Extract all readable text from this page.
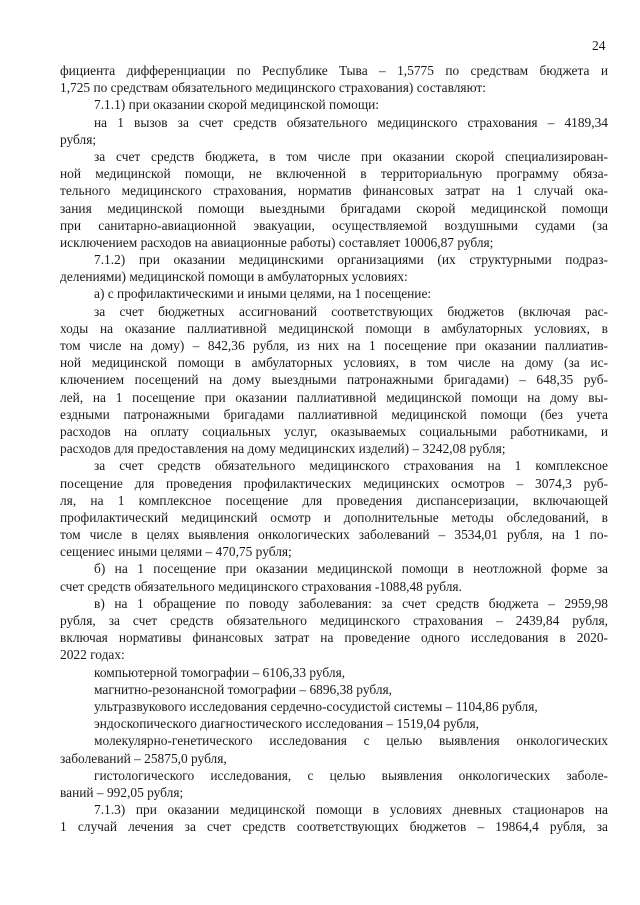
24
фициента дифференциации по Республике Тыва – 1,5775 по средствам бюджета и
1,725 по средствам обязательного медицинского страхования) составляют:
7.1.1) при оказании скорой медицинской помощи:
на 1 вызов за счет средств обязательного медицинского страхования – 4189,34
рубля;
за счет средств бюджета, в том числе при оказании скорой специализирован-
ной медицинской помощи, не включенной в территориальную программу обяза-
тельного медицинского страхования, норматив финансовых затрат на 1 случай ока-
зания медицинской помощи выездными бригадами скорой медицинской помощи
при санитарно-авиационной эвакуации, осуществляемой воздушными судами (за
исключением расходов на авиационные работы) составляет 10006,87 рубля;
7.1.2) при оказании медицинскими организациями (их структурными подраз-
делениями) медицинской помощи в амбулаторных условиях:
а) с профилактическими и иными целями, на 1 посещение:
за счет бюджетных ассигнований соответствующих бюджетов (включая рас-
ходы на оказание паллиативной медицинской помощи в амбулаторных условиях, в
том числе на дому) – 842,36 рубля, из них на 1 посещение при оказании паллиатив-
ной медицинской помощи в амбулаторных условиях, в том числе на дому (за ис-
ключением посещений на дому выездными патронажными бригадами) – 648,35 руб-
лей, на 1 посещение при оказании паллиативной медицинской помощи на дому вы-
ездными патронажными бригадами паллиативной медицинской помощи (без учета
расходов на оплату социальных услуг, оказываемых социальными работниками, и
расходов для предоставления на дому медицинских изделий) – 3242,08 рубля;
за счет средств обязательного медицинского страхования на 1 комплексное
посещение для проведения профилактических медицинских осмотров – 3074,3 руб-
ля, на 1 комплексное посещение для проведения диспансеризации, включающей
профилактический медицинский осмотр и дополнительные методы обследований, в
том числе в целях выявления онкологических заболеваний – 3534,01 рубля, на 1 по-
сещениес иными целями – 470,75 рубля;
б) на 1 посещение при оказании медицинской помощи в неотложной форме за
счет средств обязательного медицинского страхования -1088,48 рубля.
в) на 1 обращение по поводу заболевания: за счет средств бюджета – 2959,98
рубля, за счет средств обязательного медицинского страхования – 2439,84 рубля,
включая нормативы финансовых затрат на проведение одного исследования в 2020-
2022 годах:
компьютерной томографии – 6106,33 рубля,
магнитно-резонансной томографии – 6896,38 рубля,
ультразвукового исследования сердечно-сосудистой системы – 1104,86 рубля,
эндоскопического диагностического исследования – 1519,04 рубля,
молекулярно-генетического исследования с целью выявления онкологических
заболеваний – 25875,0 рубля,
гистологического исследования, с целью выявления онкологических заболе-
ваний – 992,05 рубля;
7.1.3) при оказании медицинской помощи в условиях дневных стационаров на
1 случай лечения за счет средств соответствующих бюджетов – 19864,4 рубля, за
